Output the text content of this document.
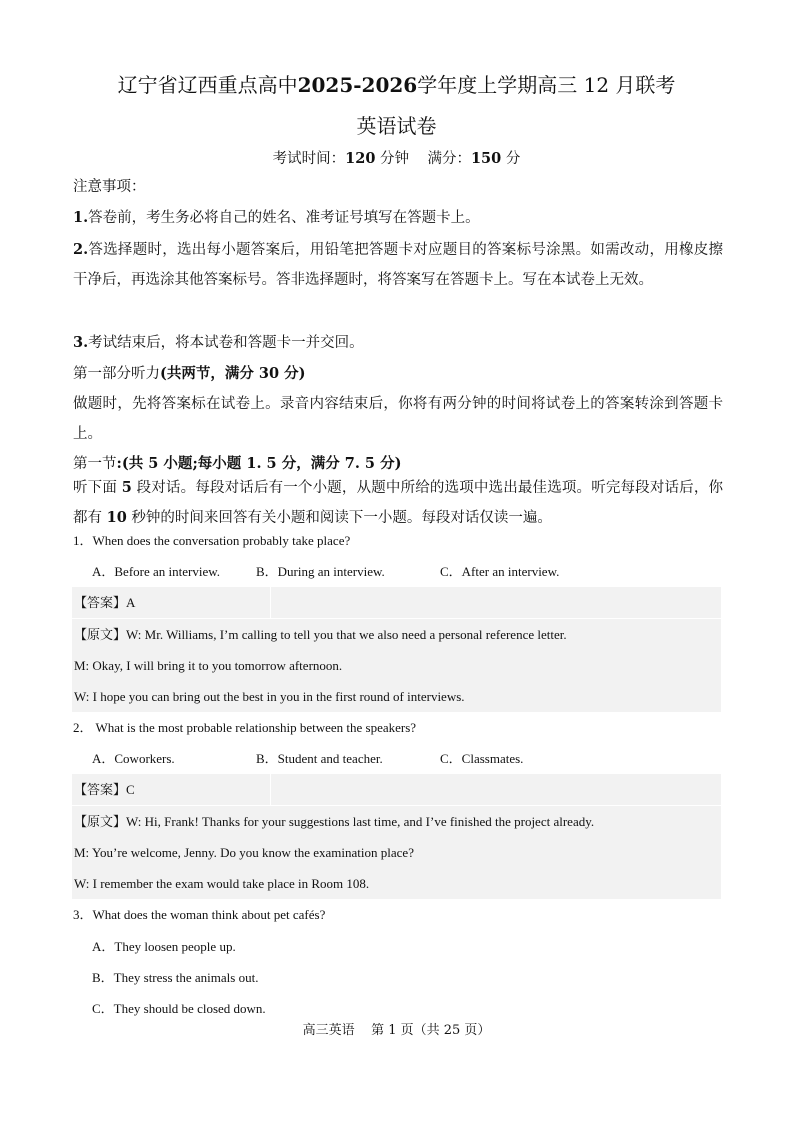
辽宁省辽西重点高中2025-2026学年度上学期高三 12 月联考
英语试卷
考试时间：120 分钟 满分：150 分
注意事项：
1.答卷前，考生务必将自己的姓名、准考证号填写在答题卡上。
2.答选择题时，选出每小题答案后，用铅笔把答题卡对应题目的答案标号涂黑。如需改动，用橡皮擦干净后，再选涂其他答案标号。答非选择题时，将答案写在答题卡上。写在本试卷上无效。
3.考试结束后，将本试卷和答题卡一并交回。
第一部分听力(共两节，满分 30 分)
做题时，先将答案标在试卷上。录音内容结束后，你将有两分钟的时间将试卷上的答案转涂到答题卡上。
第一节:(共 5 小题;每小题 1. 5 分，满分 7. 5 分)
听下面 5 段对话。每段对话后有一个小题，从题中所给的选项中选出最佳选项。听完每段对话后，你都有 10 秒钟的时间来回答有关小题和阅读下一小题。每段对话仅读一遍。
1．When does the conversation probably take place?
A．Before an interview.	B．During an interview.	C．After an interview.
【答案】A
【原文】W: Mr. Williams, I’m calling to tell you that we also need a personal reference letter.
M: Okay, I will bring it to you tomorrow afternoon.
W: I hope you can bring out the best in you in the first round of interviews.
2． What is the most probable relationship between the speakers?
A．Coworkers.	B．Student and teacher.	C．Classmates.
【答案】C
【原文】W: Hi, Frank! Thanks for your suggestions last time, and I’ve finished the project already.
M: You’re welcome, Jenny. Do you know the examination place?
W: I remember the exam would take place in Room 108.
3．What does the woman think about pet cafés?
A．They loosen people up.
B．They stress the animals out.
C．They should be closed down.
高三英语    第 1 页（共 25 页）
